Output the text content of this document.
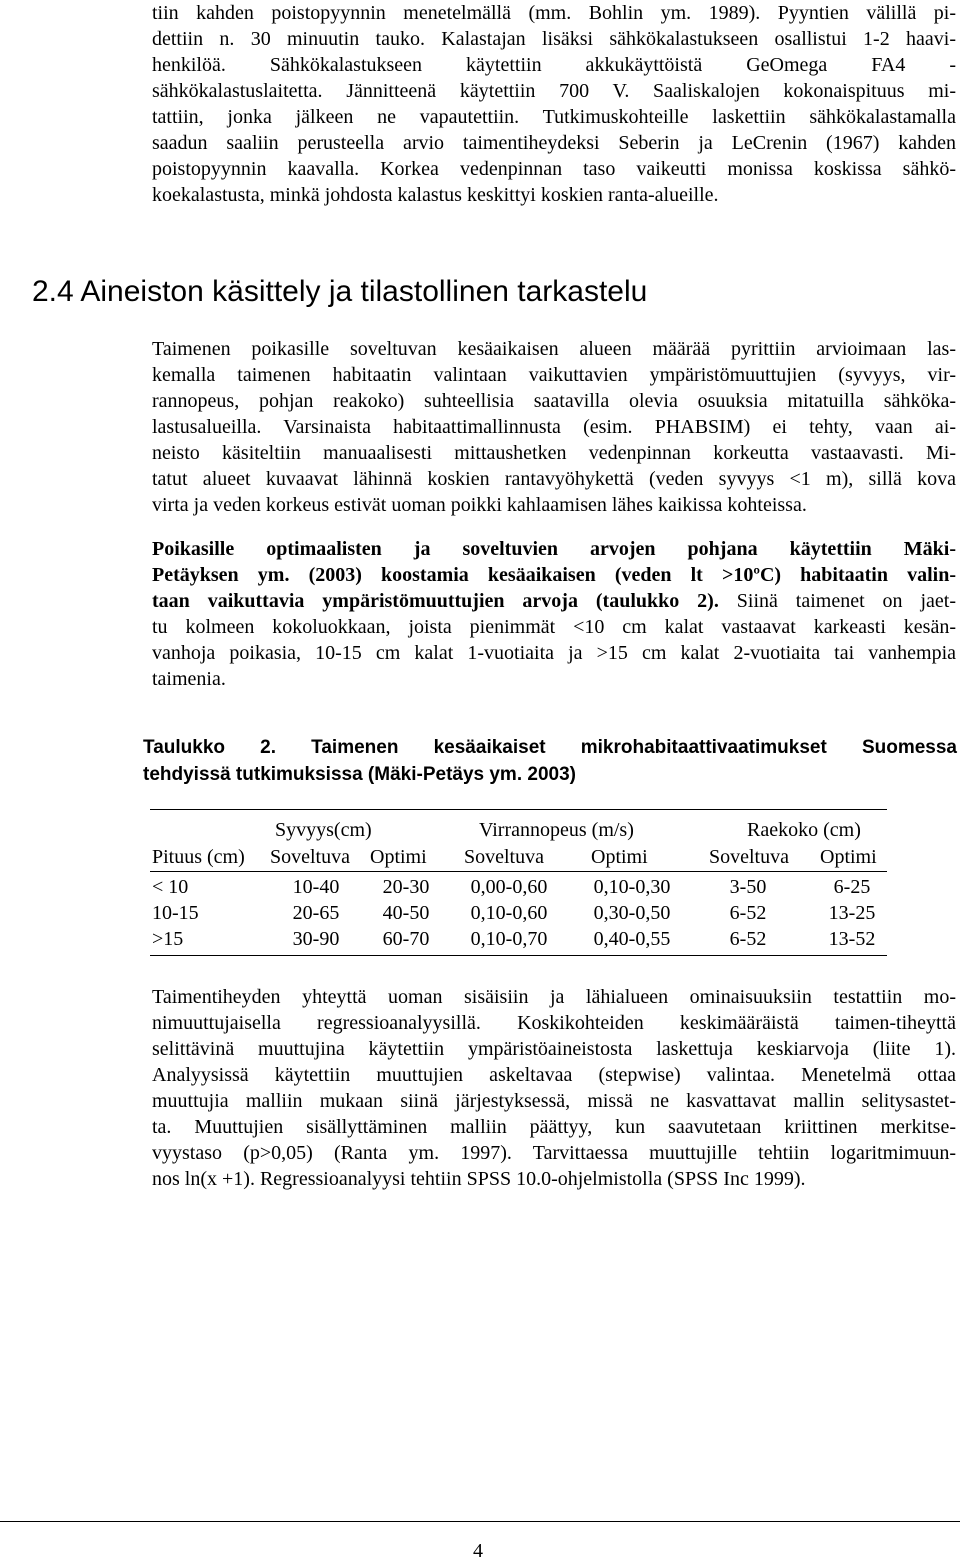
tiin kahden poistopyynnin menetelmällä (mm. Bohlin ym. 1989). Pyyntien välillä pi-
dettiin n. 30 minuutin tauko. Kalastajan lisäksi sähkökalastukseen osallistui 1-2 haavi-
henkilöä. Sähkökalastukseen käytettiin akkukäyttöistä GeOmega FA4 -
sähkökalastuslaitetta. Jännitteenä käytettiin 700 V. Saaliskalojen kokonaispituus mi-
tattiin, jonka jälkeen ne vapautettiin. Tutkimuskohteille laskettiin sähkökalastamalla
saadun saaliin perusteella arvio taimentiheydeksi Seberin ja LeCrenin (1967) kahden
poistopyynnin kaavalla. Korkea vedenpinnan taso vaikeutti monissa koskissa sähkö-
koekalastusta, minkä johdosta kalastus keskittyi koskien ranta-alueille.

2.4 Aineiston käsittely ja tilastollinen tarkastelu

Taimenen poikasille soveltuvan kesäaikaisen alueen määrää pyrittiin arvioimaan las-
kemalla taimenen habitaatin valintaan vaikuttavien ympäristömuuttujien (syvyys, vir-
rannopeus, pohjan reakoko) suhteellisia saatavilla olevia osuuksia mitatuilla sähköka-
lastusalueilla. Varsinaista habitaattimallinnusta (esim. PHABSIM) ei tehty, vaan ai-
neisto käsiteltiin manuaalisesti mittaushetken vedenpinnan korkeutta vastaavasti. Mi-
tatut alueet kuvaavat lähinnä koskien rantavyöhykettä (veden syvyys <1 m), sillä kova
virta ja veden korkeus estivät uoman poikki kahlaamisen lähes kaikissa kohteissa.

Poikasille optimaalisten ja soveltuvien arvojen pohjana käytettiin Mäki-
Petäyksen ym. (2003) koostamia kesäaikaisen (veden lt >10ºC) habitaatin valin-
taan vaikuttavia ympäristömuuttujien arvoja (taulukko 2). Siinä taimenet on jaet-
tu kolmeen kokoluokkaan, joista pienimmät <10 cm kalat vastaavat karkeasti kesän-
vanhoja poikasia, 10-15 cm kalat 1-vuotiaita ja >15 cm kalat 2-vuotiaita tai vanhempia
taimenia.

Taulukko 2. Taimenen kesäaikaiset mikrohabitaattivaatimukset Suomessa
tehdyissä tutkimuksissa (Mäki-Petäys ym. 2003)

Syvyys(cm)	Virrannopeus (m/s)	Raekoko (cm)
Pituus (cm) Soveltuva Optimi Soveltuva Optimi	Soveltuva Optimi
< 10	10-40 20-30 0,00-0,60 0,10-0,30	3-50	6-25
10-15	20-65 40-50 0,10-0,60 0,30-0,50	6-52	13-25
>15	30-90 60-70 0,10-0,70 0,40-0,55	6-52	13-52

Taimentiheyden yhteyttä uoman sisäisiin ja lähialueen ominaisuuksiin testattiin mo-
nimuuttujaisella regressioanalyysillä. Koskikohteiden keskimääräistä taimen-tiheyttä
selittävinä muuttujina käytettiin ympäristöaineistosta laskettuja keskiarvoja (liite 1).
Analyysissä käytettiin muuttujien askeltavaa (stepwise) valintaa. Menetelmä ottaa
muuttujia malliin mukaan siinä järjestyksessä, missä ne kasvattavat mallin selitysastet-
ta. Muuttujien sisällyttäminen malliin päättyy, kun saavutetaan kriittinen merkitse-
vyystaso (p>0,05) (Ranta ym. 1997). Tarvittaessa muuttujille tehtiin logaritmimuun-
nos ln(x +1). Regressioanalyysi tehtiin SPSS 10.0-ohjelmistolla (SPSS Inc 1999).

4
